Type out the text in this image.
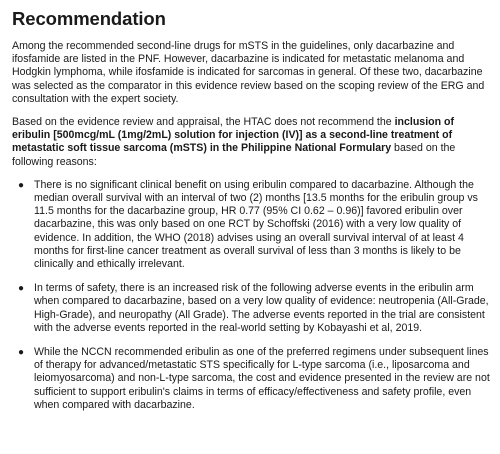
Recommendation

Among the recommended second-line drugs for mSTS in the guidelines, only dacarbazine and ifosfamide are listed in the PNF. However, dacarbazine is indicated for metastatic melanoma and Hodgkin lymphoma, while ifosfamide is indicated for sarcomas in general. Of these two, dacarbazine was selected as the comparator in this evidence review based on the scoping review of the ERG and consultation with the expert society.

Based on the evidence review and appraisal, the HTAC does not recommend the inclusion of eribulin [500mcg/mL (1mg/2mL) solution for injection (IV)] as a second-line treatment of metastatic soft tissue sarcoma (mSTS) in the Philippine National Formulary based on the following reasons:

● There is no significant clinical benefit on using eribulin compared to dacarbazine. Although the median overall survival with an interval of two (2) months [13.5 months for the eribulin group vs 11.5 months for the dacarbazine group, HR 0.77 (95% CI 0.62 – 0.96)] favored eribulin over dacarbazine, this was only based on one RCT by Schoffski (2016) with a very low quality of evidence. In addition, the WHO (2018) advises using an overall survival interval of at least 4 months for first-line cancer treatment as overall survival of less than 3 months is likely to be clinically and ethically irrelevant.
● In terms of safety, there is an increased risk of the following adverse events in the eribulin arm when compared to dacarbazine, based on a very low quality of evidence: neutropenia (All-Grade, High-Grade), and neuropathy (All Grade). The adverse events reported in the trial are consistent with the adverse events reported in the real-world setting by Kobayashi et al, 2019.
● While the NCCN recommended eribulin as one of the preferred regimens under subsequent lines of therapy for advanced/metastatic STS specifically for L-type sarcoma (i.e., liposarcoma and leiomyosarcoma) and non-L-type sarcoma, the cost and evidence presented in the review are not sufficient to support eribulin's claims in terms of efficacy/effectiveness and safety profile, even when compared with dacarbazine.
